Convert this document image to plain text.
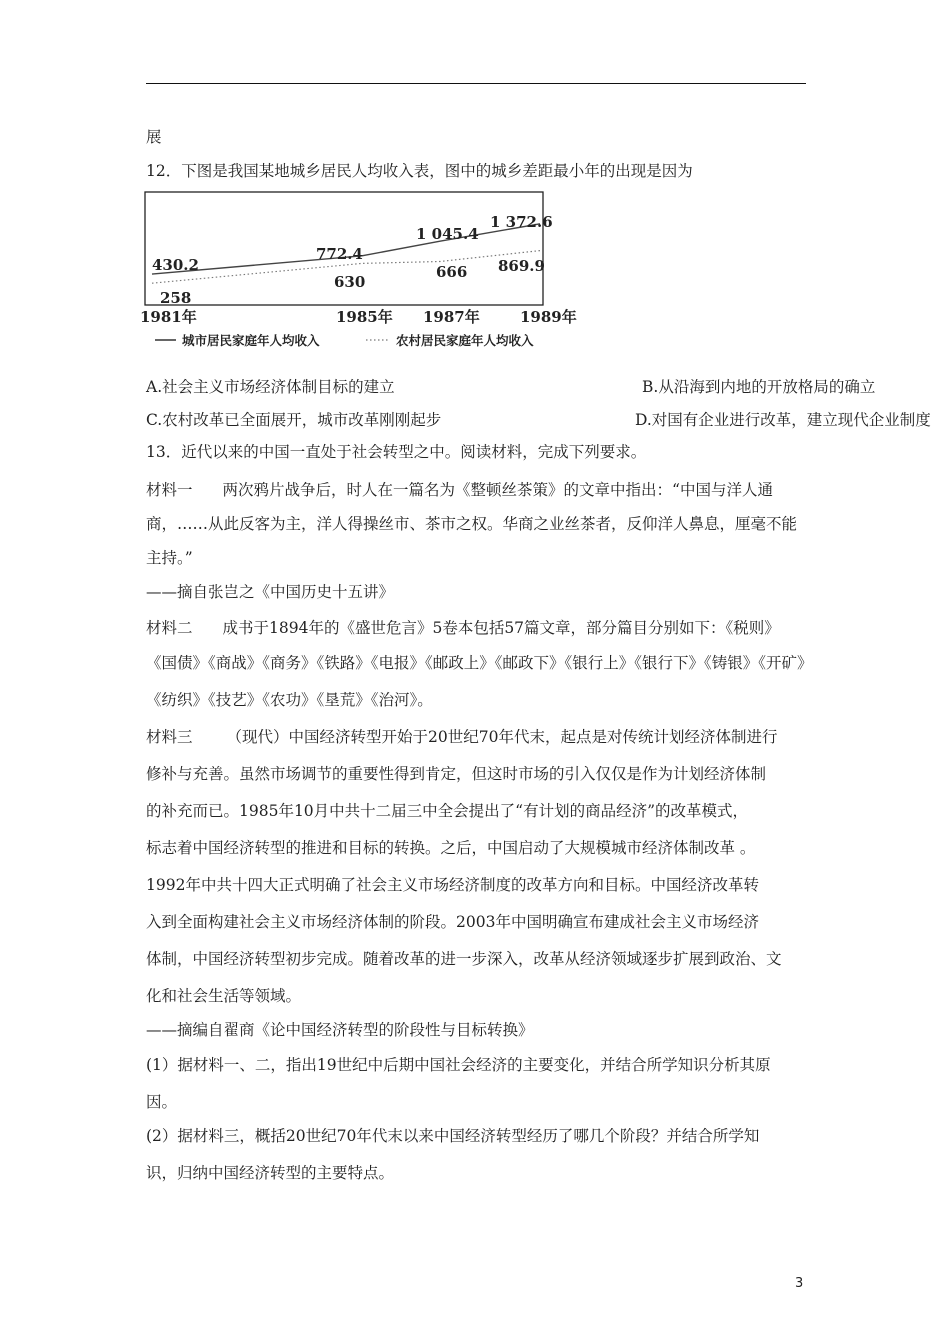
展
12．下图是我国某地城乡居民人均收入表，图中的城乡差距最小年的出现是因为
430.2
772.4
1 045.4
1 372.6
258
630
666 869.9
1981年	1985年 1987年	1989年
城市居民家庭年人均收入	农村居民家庭年人均收入
A.社会主义市场经济体制目标的建立	B.从沿海到内地的开放格局的确立
C.农村改革已全面展开，城市改革刚刚起步	D.对国有企业进行改革，建立现代企业制度
13．近代以来的中国一直处于社会转型之中。阅读材料，完成下列要求。
材料一 两次鸦片战争后，时人在一篇名为《整顿丝茶策》的文章中指出：“中国与洋人通
商，……从此反客为主，洋人得操丝市、茶市之权。华商之业丝茶者，反仰洋人鼻息，厘毫不能
主持。”
——摘自张岂之《中国历史十五讲》
材料二 成书于1894年的《盛世危言》5卷本包括57篇文章，部分篇目分别如下：《税则》
《国债》《商战》《商务》《铁路》《电报》《邮政上》《邮政下》《银行上》《银行下》《铸银》《开矿》
《纺织》《技艺》《农功》《垦荒》《治河》。
材料三 （现代）中国经济转型开始于20世纪70年代末，起点是对传统计划经济体制进行
修补与充善。虽然市场调节的重要性得到肯定，但这时市场的引入仅仅是作为计划经济体制
的补充而已。1985年10月中共十二届三中全会提出了“有计划的商品经济”的改革模式，
标志着中国经济转型的推进和目标的转换。之后，中国启动了大规模城市经济体制改革 。
1992年中共十四大正式明确了社会主义市场经济制度的改革方向和目标。中国经济改革转
入到全面构建社会主义市场经济体制的阶段。2003年中国明确宣布建成社会主义市场经济
体制，中国经济转型初步完成。随着改革的进一步深入，改革从经济领域逐步扩展到政治、文
化和社会生活等领域。
——摘编自翟商《论中国经济转型的阶段性与目标转换》
(1）据材料一、二，指出19世纪中后期中国社会经济的主要变化，并结合所学知识分析其原
因。
(2）据材料三，概括20世纪70年代末以来中国经济转型经历了哪几个阶段？并结合所学知
识，归纳中国经济转型的主要特点。
3
